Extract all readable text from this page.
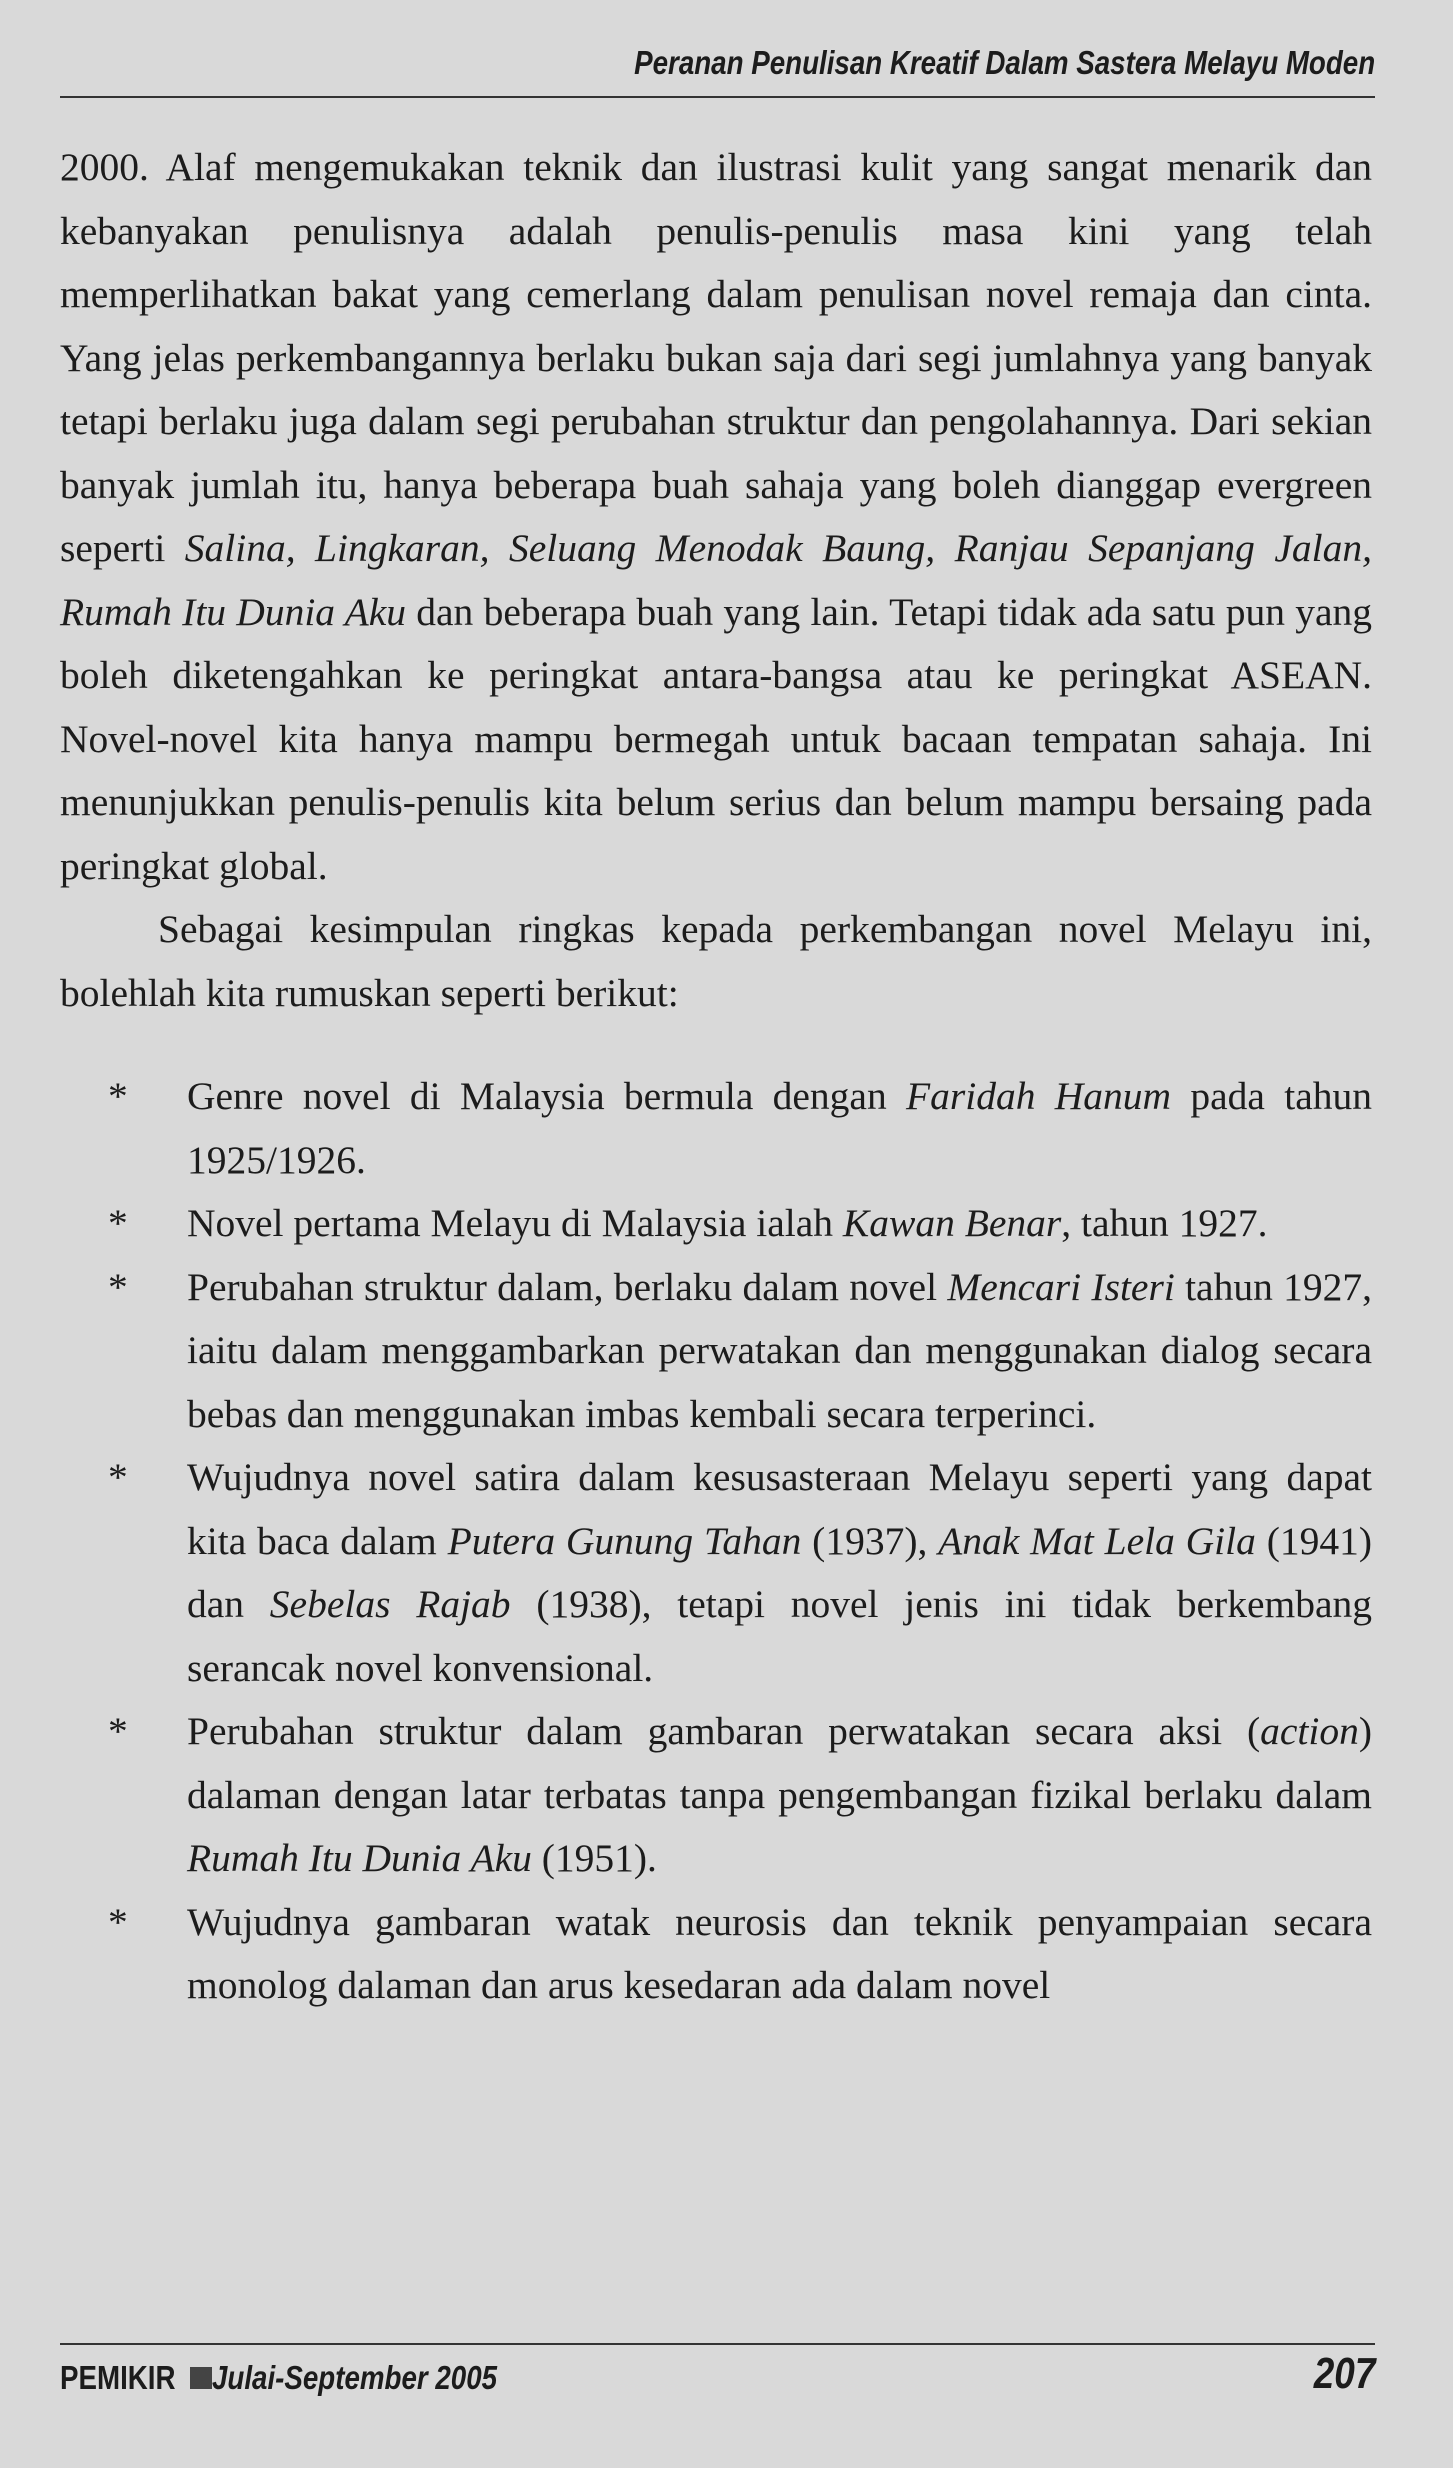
Peranan Penulisan Kreatif Dalam Sastera Melayu Moden

2000. Alaf mengemukakan teknik dan ilustrasi kulit yang sangat menarik dan kebanyakan penulisnya adalah penulis-penulis masa kini yang telah memperlihatkan bakat yang cemerlang dalam penulisan novel remaja dan cinta. Yang jelas perkembangannya berlaku bukan saja dari segi jumlahnya yang banyak tetapi berlaku juga dalam segi perubahan struktur dan pengolahannya. Dari sekian banyak jumlah itu, hanya beberapa buah sahaja yang boleh dianggap evergreen seperti Salina, Lingkaran, Seluang Menodak Baung, Ranjau Sepanjang Jalan, Rumah Itu Dunia Aku dan beberapa buah yang lain. Tetapi tidak ada satu pun yang boleh diketengahkan ke peringkat antara-bangsa atau ke peringkat ASEAN. Novel-novel kita hanya mampu bermegah untuk bacaan tempatan sahaja. Ini menunjukkan penulis-penulis kita belum serius dan belum mampu bersaing pada peringkat global.

Sebagai kesimpulan ringkas kepada perkembangan novel Melayu ini, bolehlah kita rumuskan seperti berikut:

* Genre novel di Malaysia bermula dengan Faridah Hanum pada tahun 1925/1926.
* Novel pertama Melayu di Malaysia ialah Kawan Benar, tahun 1927.
* Perubahan struktur dalam, berlaku dalam novel Mencari Isteri tahun 1927, iaitu dalam menggambarkan perwatakan dan menggunakan dialog secara bebas dan menggunakan imbas kembali secara terperinci.
* Wujudnya novel satira dalam kesusasteraan Melayu seperti yang dapat kita baca dalam Putera Gunung Tahan (1937), Anak Mat Lela Gila (1941) dan Sebelas Rajab (1938), tetapi novel jenis ini tidak berkembang serancak novel konvensional.
* Perubahan struktur dalam gambaran perwatakan secara aksi (action) dalaman dengan latar terbatas tanpa pengembangan fizikal berlaku dalam Rumah Itu Dunia Aku (1951).
* Wujudnya gambaran watak neurosis dan teknik penyampaian secara monolog dalaman dan arus kesedaran ada dalam novel
PEMIKIR Julai-September 2005	207
